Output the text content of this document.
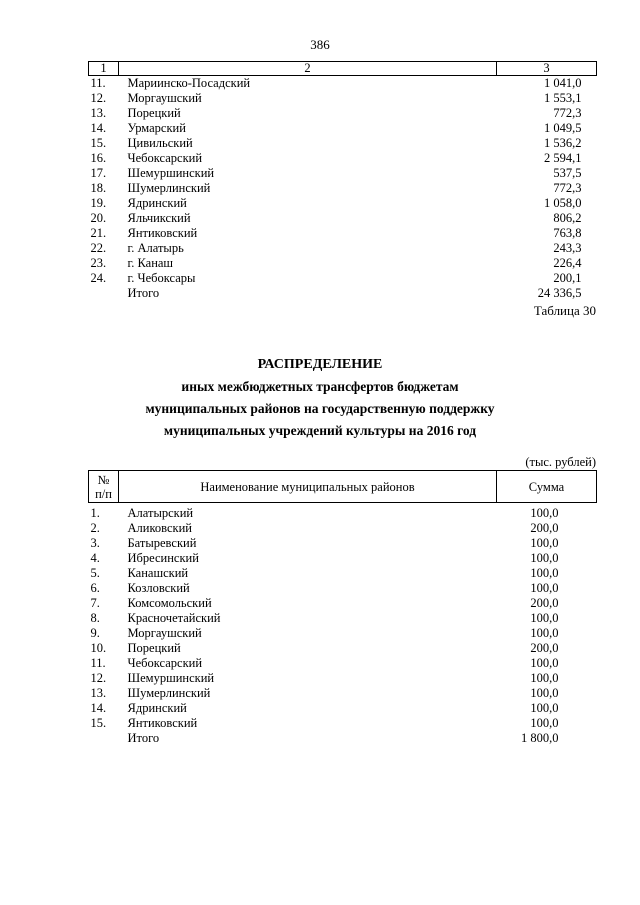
386
1	2	3
11.	Мариинско-Посадский	1 041,0
12.	Моргаушский	1 553,1
13.	Порецкий	772,3
14.	Урмарский	1 049,5
15.	Цивильский	1 536,2
16.	Чебоксарский	2 594,1
17.	Шемуршинский	537,5
18.	Шумерлинский	772,3
19.	Ядринский	1 058,0
20.	Яльчикский	806,2
21.	Янтиковский	763,8
22.	г. Алатырь	243,3
23.	г. Канаш	226,4
24.	г. Чебоксары	200,1
	Итого	24 336,5
Таблица 30
РАСПРЕДЕЛЕНИЕ
иных межбюджетных трансфертов бюджетам
муниципальных районов на государственную поддержку
муниципальных учреждений культуры на 2016 год
(тыс. рублей)
№
п/п	Наименование муниципальных районов	Сумма
1.	Алатырский	100,0
2.	Аликовский	200,0
3.	Батыревский	100,0
4.	Ибресинский	100,0
5.	Канашский	100,0
6.	Козловский	100,0
7.	Комсомольский	200,0
8.	Красночетайский	100,0
9.	Моргаушский	100,0
10.	Порецкий	200,0
11.	Чебоксарский	100,0
12.	Шемуршинский	100,0
13.	Шумерлинский	100,0
14.	Ядринский	100,0
15.	Янтиковский	100,0
	Итого	1 800,0
